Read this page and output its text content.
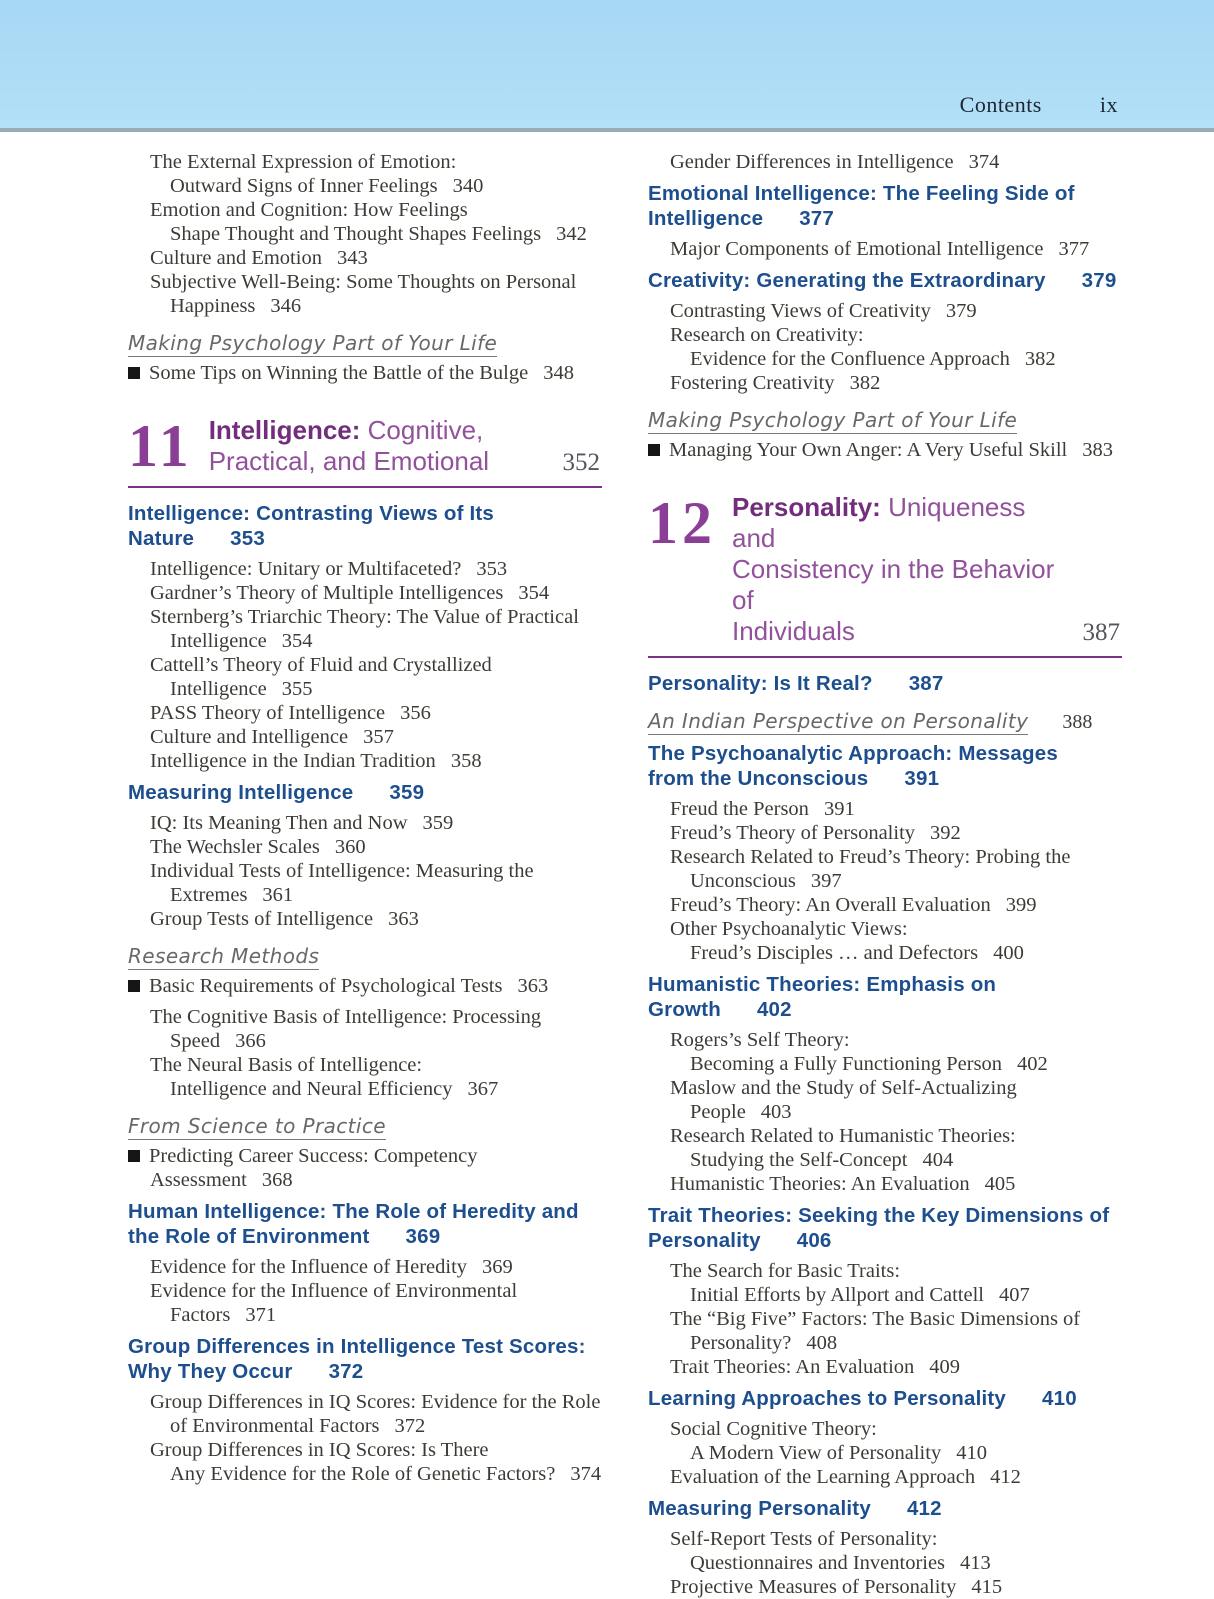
Contents	ix
The External Expression of Emotion:
Outward Signs of Inner Feelings 340
Emotion and Cognition: How Feelings
Shape Thought and Thought Shapes Feelings 342
Culture and Emotion 343
Subjective Well-Being: Some Thoughts on Personal
Happiness 346
Making Psychology Part of Your Life
Some Tips on Winning the Battle of the Bulge 348
11 Intelligence: Cognitive,
Practical, and Emotional	352
Intelligence: Contrasting Views of Its
Nature 353
Intelligence: Unitary or Multifaceted? 353
Gardner’s Theory of Multiple Intelligences 354
Sternberg’s Triarchic Theory: The Value of Practical
Intelligence 354
Cattell’s Theory of Fluid and Crystallized
Intelligence 355
PASS Theory of Intelligence 356
Culture and Intelligence 357
Intelligence in the Indian Tradition 358
Measuring Intelligence 359
IQ: Its Meaning Then and Now 359
The Wechsler Scales 360
Individual Tests of Intelligence: Measuring the
Extremes 361
Group Tests of Intelligence 363
Research Methods
Basic Requirements of Psychological Tests 363
The Cognitive Basis of Intelligence: Processing
Speed 366
The Neural Basis of Intelligence:
Intelligence and Neural Efficiency 367
From Science to Practice
Predicting Career Success: Competency
Assessment 368
Human Intelligence: The Role of Heredity and
the Role of Environment 369
Evidence for the Influence of Heredity 369
Evidence for the Influence of Environmental
Factors 371
Group Differences in Intelligence Test Scores:
Why They Occur 372
Group Differences in IQ Scores: Evidence for the Role
of Environmental Factors 372
Group Differences in IQ Scores: Is There
Any Evidence for the Role of Genetic Factors? 374
Gender Differences in Intelligence 374
Emotional Intelligence: The Feeling Side of
Intelligence 377
Major Components of Emotional Intelligence 377
Creativity: Generating the Extraordinary 379
Contrasting Views of Creativity 379
Research on Creativity:
Evidence for the Confluence Approach 382
Fostering Creativity 382
Making Psychology Part of Your Life
Managing Your Own Anger: A Very Useful Skill 383
12 Personality: Uniqueness and
Consistency in the Behavior of
Individuals	387
Personality: Is It Real? 387
An Indian Perspective on Personality 388
The Psychoanalytic Approach: Messages
from the Unconscious 391
Freud the Person 391
Freud’s Theory of Personality 392
Research Related to Freud’s Theory: Probing the
Unconscious 397
Freud’s Theory: An Overall Evaluation 399
Other Psychoanalytic Views:
Freud’s Disciples … and Defectors 400
Humanistic Theories: Emphasis on Growth 402
Rogers’s Self Theory:
Becoming a Fully Functioning Person 402
Maslow and the Study of Self-Actualizing
People 403
Research Related to Humanistic Theories:
Studying the Self-Concept 404
Humanistic Theories: An Evaluation 405
Trait Theories: Seeking the Key Dimensions of
Personality 406
The Search for Basic Traits:
Initial Efforts by Allport and Cattell 407
The “Big Five” Factors: The Basic Dimensions of
Personality? 408
Trait Theories: An Evaluation 409
Learning Approaches to Personality 410
Social Cognitive Theory:
A Modern View of Personality 410
Evaluation of the Learning Approach 412
Measuring Personality 412
Self-Report Tests of Personality:
Questionnaires and Inventories 413
Projective Measures of Personality 415
